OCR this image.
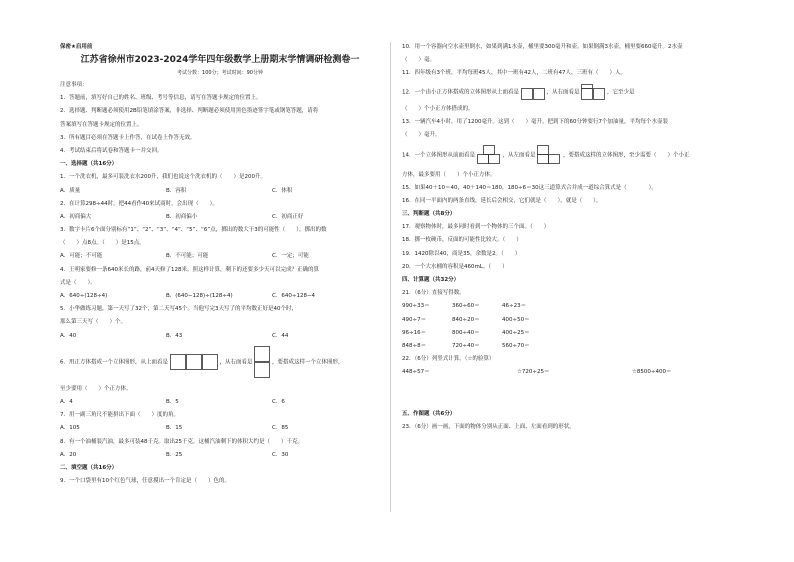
保密★启用前
江苏省徐州市2023-2024学年四年级数学上册期末学情调研检测卷一
考试分数：100分；考试时间：90分钟
注意事项：
1．答题前，填写好自己的姓名、班级、考号等信息，请写在答题卡规定的位置上。
2．选择题、判断题必须使用2B铅笔填涂答案，非选择、判断题必须使用黑色墨迹签字笔或钢笔答题，请将
答案填写在答题卡规定的位置上。
3．所有题目必须在答题卡上作答，在试卷上作答无效。
4．考试结束后将试卷和答题卡一并交回。
一、选择题（共16分）
1．一个洗衣机，最多可装洗衣水200升，我们也说这个洗衣机的（　　）是200升。
A．质量	B．容积	C．体积
2．在计算298÷44时，把44看作40来试商时，会出现（　　）。
A．初商偏大	B．初商偏小	C．初商正好
3．数字卡片6个面分别标有“1”、“2”、“3”、“4”、“5”、“6”点，掷出的数大于3的可能性（　　），掷出的数
（　　）点8点。（　　）是15点。
A．可能；不可能	B．不可能；可能	C．一定；可能
4．王明家要修一条640米长的路，前4天修了128米。照这样计算，剩下的还要多少天可以完成？正确的算
式是（　　）。
A．640÷(128÷4)	B．(640−128)÷(128÷4)	C．640÷128−4
5．小华做练习题，第一天写了32个，第二天写45个。当他写完3天写了的平均数正好是40个时，
那么第三天写（　　）个。
A．40	B．43	C．44
6．用正方体搭成一个立体图形，从上面看是	，从右面看是	，要搭成这样一个立体图形，
至少要用（　　）个正方体。
A．4	B．5	C．6
7．用一副三角尺不能拼出下面（　　）度的角。
A．105	B．15	C．85
8．有一个油桶装汽油，最多可装48千克。取出25千克，这桶汽油剩下的体积大约是（　　）千克。
A．20	B．25	C．30
二、填空题（共16分）
9．一个口袋里有10个红色气球，任意摸出一个肯定是（　　）色的。
10．用一个容器向空水壶里倒水，如果到满1水壶，桶里要300毫升和壶。如果倒满3水壶，桶里要660毫升。2水壶
（　　）毫。
11．四年级有3个班，平均每班45人，其中一班有42人，二班有47人，三班有（　　）人。
12．一个由小正方体搭成的立体图形从上面看是	，从右面看是	，它至少是
（　　）个小正方体搭成的。
13．一辆汽车4小时，用了1200毫升。这到（　　）毫升。把到下的60分钟要行7个加油量，平均每个水壶装
（　　）毫升。
14．一个立体图形从前面看是	，从左面看是	，要搭成这样的立体图形，至少需要（　　）个小正
方体，最多要用（　　）个小正方体。
15．如果40＋10＝40，40＋140＝180，180÷6＝30这三道算式合并成一道综合算式是（　　　　）。
16．在同一平面内的两条直线，延长后会相交，它们就是（　　），就是（　　）。
三、判断题（共8分）
17．观察物体时，最多同时看到一个物体的三个面。（　　）
18．掷一枚硬币，反面的可能性比较大。（　　）
19．1420除以40，商是35，余数是2。（　　）
20．一个大水桶的容积是460mL。（　　）
四、计算题（共32分）
21．（6分）直接写得数。
990÷33＝	360÷60＝	46÷23＝
490÷7＝	840÷20＝	400÷50＝
96÷16＝	800÷40＝	400÷25＝
848÷8＝	720÷40＝	560÷70＝
22．（6分）列竖式计算。（☆的验算）
448÷57＝	☆720÷25＝	☆8500÷400＝
五、作图题（共6分）
23．（6分）画一画，下面的物体分别从正面、上面、左面看到的形状。
